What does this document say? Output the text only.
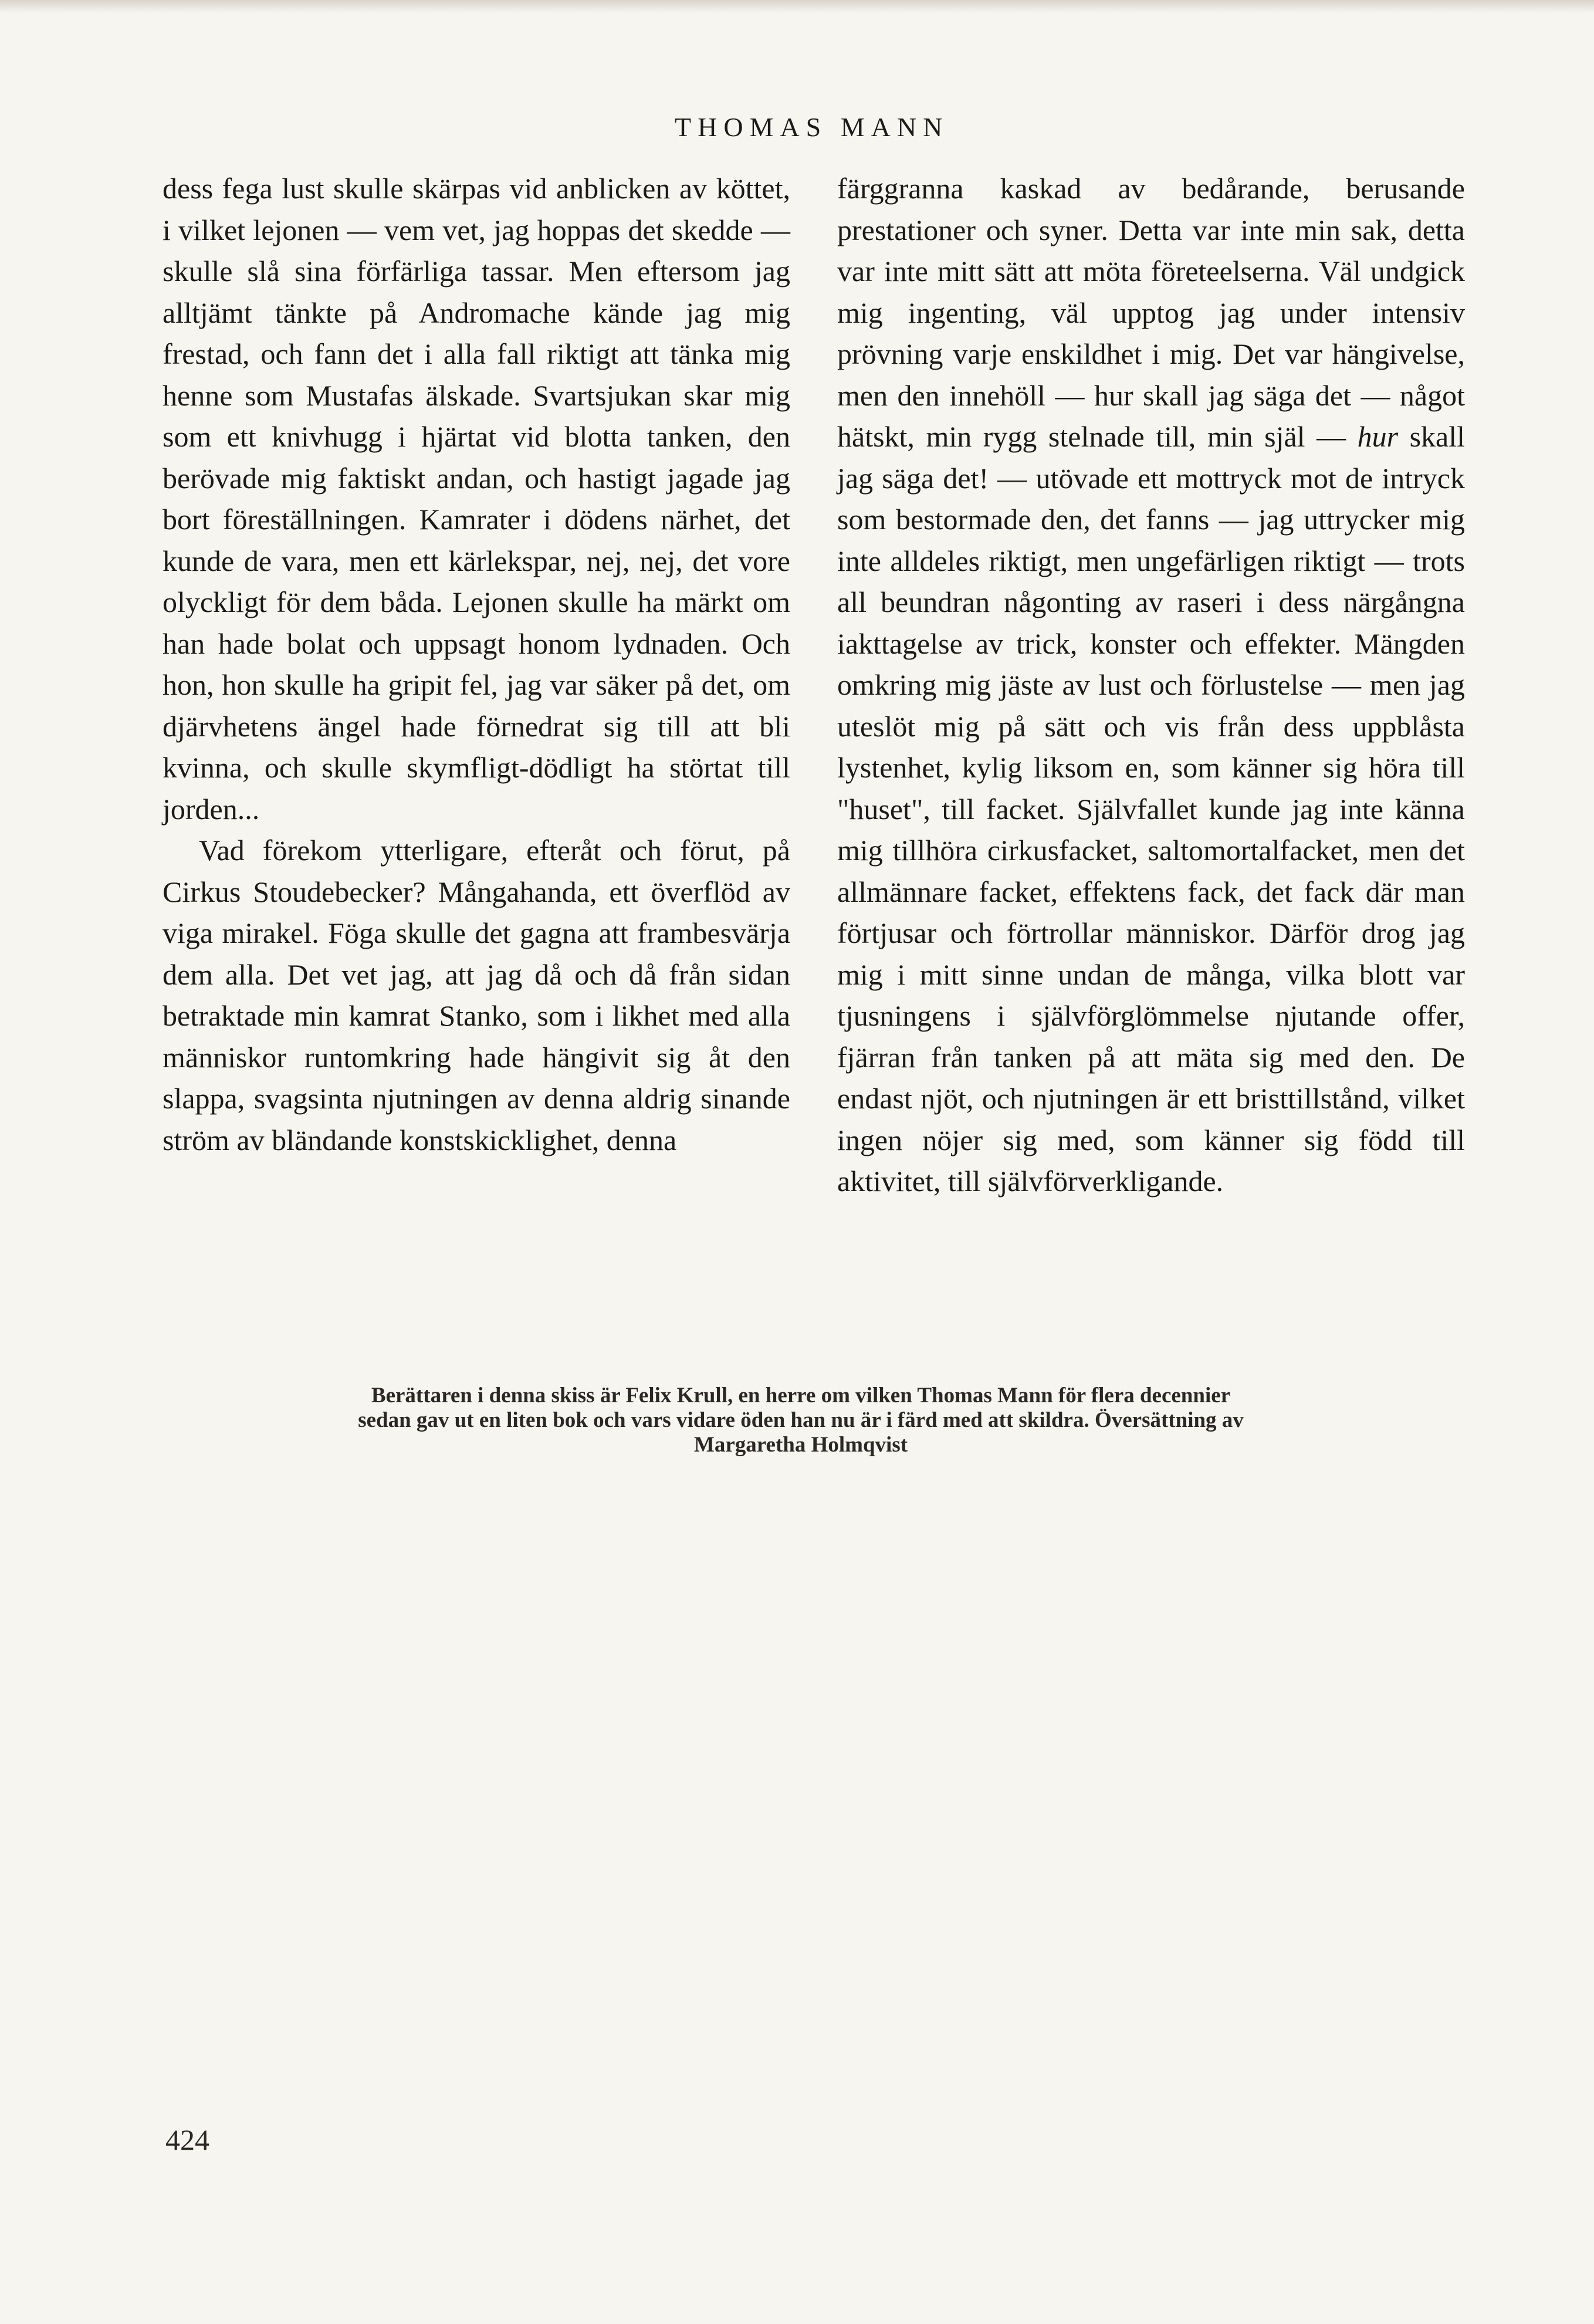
THOMAS MANN

dess fega lust skulle skärpas vid anblicken av köttet, i vilket lejonen — vem vet, jag hoppas det skedde — skulle slå sina förfärliga tassar. Men eftersom jag alltjämt tänkte på Andromache kände jag mig frestad, och fann det i alla fall riktigt att tänka mig henne som Mustafas älskade. Svartsjukan skar mig som ett knivhugg i hjärtat vid blotta tanken, den berövade mig faktiskt andan, och hastigt jagade jag bort föreställningen. Kamrater i dödens närhet, det kunde de vara, men ett kärlekspar, nej, nej, det vore olyckligt för dem båda. Lejonen skulle ha märkt om han hade bolat och uppsagt honom lydnaden. Och hon, hon skulle ha gripit fel, jag var säker på det, om djärvhetens ängel hade förnedrat sig till att bli kvinna, och skulle skymfligt-dödligt ha störtat till jorden...

Vad förekom ytterligare, efteråt och förut, på Cirkus Stoudebecker? Mångahanda, ett överflöd av viga mirakel. Föga skulle det gagna att frambesvärja dem alla. Det vet jag, att jag då och då från sidan betraktade min kamrat Stanko, som i likhet med alla människor runtomkring hade hängivit sig åt den slappa, svagsinta njutningen av denna aldrig sinande ström av bländande konstskicklighet, denna

färggranna kaskad av bedårande, berusande prestationer och syner. Detta var inte min sak, detta var inte mitt sätt att möta företeelserna. Väl undgick mig ingenting, väl upptog jag under intensiv prövning varje enskildhet i mig. Det var hängivelse, men den innehöll — hur skall jag säga det — något hätskt, min rygg stelnade till, min själ — hur skall jag säga det! — utövade ett mottryck mot de intryck som bestormade den, det fanns — jag uttrycker mig inte alldeles riktigt, men ungefärligen riktigt — trots all beundran någonting av raseri i dess närgångna iakttagelse av trick, konster och effekter. Mängden omkring mig jäste av lust och förlustelse — men jag uteslöt mig på sätt och vis från dess uppblåsta lystenhet, kylig liksom en, som känner sig höra till "huset", till facket. Självfallet kunde jag inte känna mig tillhöra cirkusfacket, saltomortalfacket, men det allmännare facket, effektens fack, det fack där man förtjusar och förtrollar människor. Därför drog jag mig i mitt sinne undan de många, vilka blott var tjusningens i självförglömmelse njutande offer, fjärran från tanken på att mäta sig med den. De endast njöt, och njutningen är ett bristtillstånd, vilket ingen nöjer sig med, som känner sig född till aktivitet, till självförverkligande.

Berättaren i denna skiss är Felix Krull, en herre om vilken Thomas Mann för flera decennier
sedan gav ut en liten bok och vars vidare öden han nu är i färd med att skildra. Översättning av
Margaretha Holmqvist
424
